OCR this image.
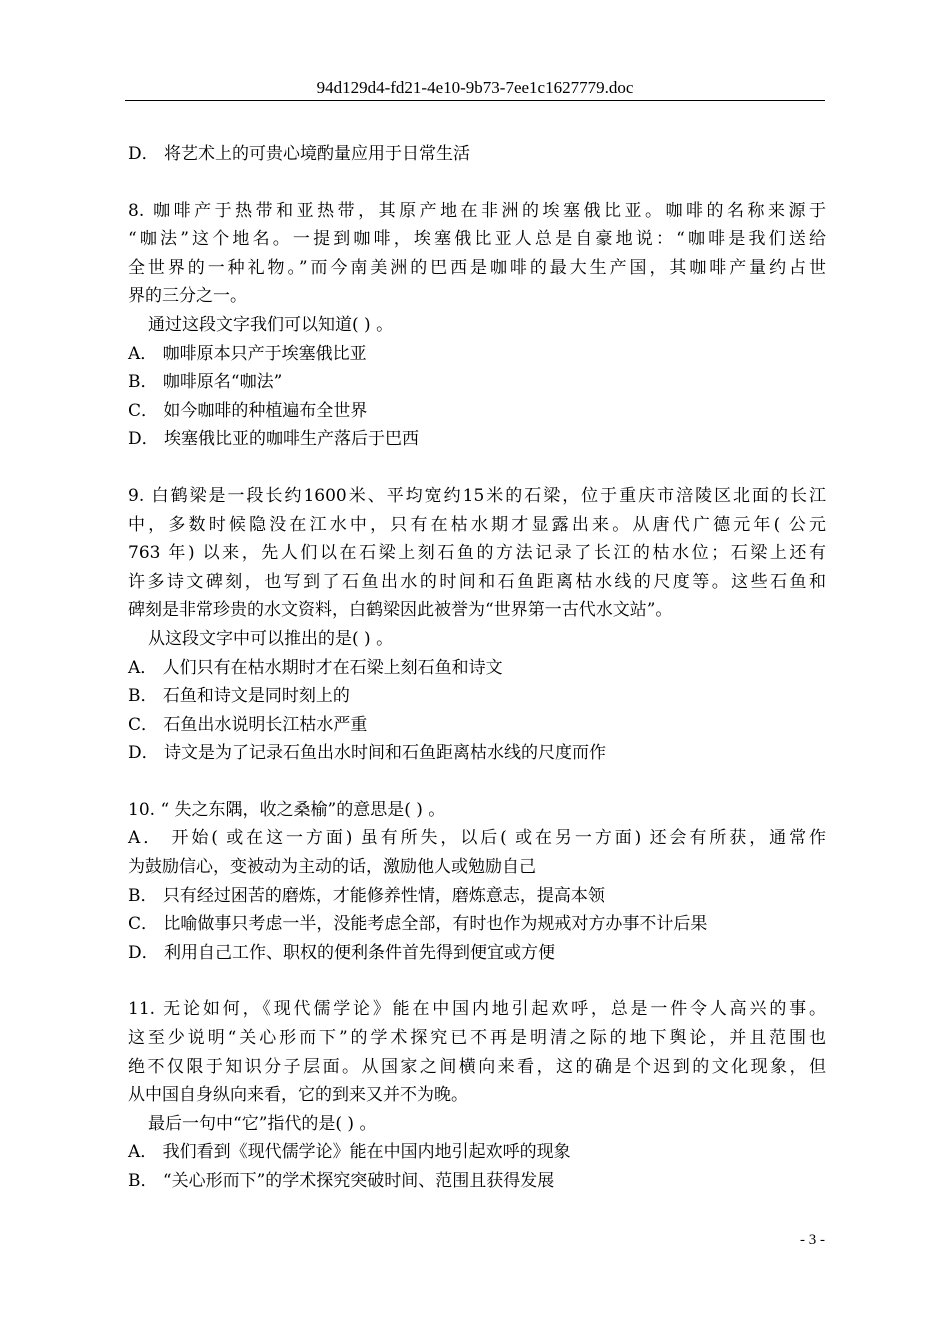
94d129d4-fd21-4e10-9b73-7ee1c1627779.doc

D． 将艺术上的可贵心境酌量应用于日常生活

8. 咖啡产于热带和亚热带，其原产地在非洲的埃塞俄比亚。咖啡的名称来源于

“咖法”这个地名。一提到咖啡，埃塞俄比亚人总是自豪地说：“咖啡是我们送给

全世界的一种礼物。”而今南美洲的巴西是咖啡的最大生产国，其咖啡产量约占世

界的三分之一。

通过这段文字我们可以知道( ) 。

A． 咖啡原本只产于埃塞俄比亚

B． 咖啡原名“咖法”

C． 如今咖啡的种植遍布全世界

D． 埃塞俄比亚的咖啡生产落后于巴西

9. 白鹤梁是一段长约1600米、平均宽约15米的石梁，位于重庆市涪陵区北面的长江

中，多数时候隐没在江水中，只有在枯水期才显露出来。从唐代广德元年( 公元

763 年) 以来，先人们以在石梁上刻石鱼的方法记录了长江的枯水位；石梁上还有

许多诗文碑刻，也写到了石鱼出水的时间和石鱼距离枯水线的尺度等。这些石鱼和

碑刻是非常珍贵的水文资料，白鹤梁因此被誉为“世界第一古代水文站”。

从这段文字中可以推出的是( ) 。

A． 人们只有在枯水期时才在石梁上刻石鱼和诗文

B． 石鱼和诗文是同时刻上的

C． 石鱼出水说明长江枯水严重

D． 诗文是为了记录石鱼出水时间和石鱼距离枯水线的尺度而作

10. “ 失之东隅，收之桑榆”的意思是( ) 。

A． 开始( 或在这一方面) 虽有所失，以后( 或在另一方面) 还会有所获，通常作

为鼓励信心，变被动为主动的话，激励他人或勉励自己

B． 只有经过困苦的磨炼，才能修养性情，磨炼意志，提高本领

C． 比喻做事只考虑一半，没能考虑全部，有时也作为规戒对方办事不计后果

D． 利用自己工作、职权的便利条件首先得到便宜或方便

11. 无论如何，《现代儒学论》能在中国内地引起欢呼，总是一件令人高兴的事。

这至少说明“关心形而下”的学术探究已不再是明清之际的地下舆论，并且范围也

绝不仅限于知识分子层面。从国家之间横向来看，这的确是个迟到的文化现象，但

从中国自身纵向来看，它的到来又并不为晚。

最后一句中“它”指代的是( ) 。

A． 我们看到《现代儒学论》能在中国内地引起欢呼的现象

B． “关心形而下”的学术探究突破时间、范围且获得发展

- 3 -
